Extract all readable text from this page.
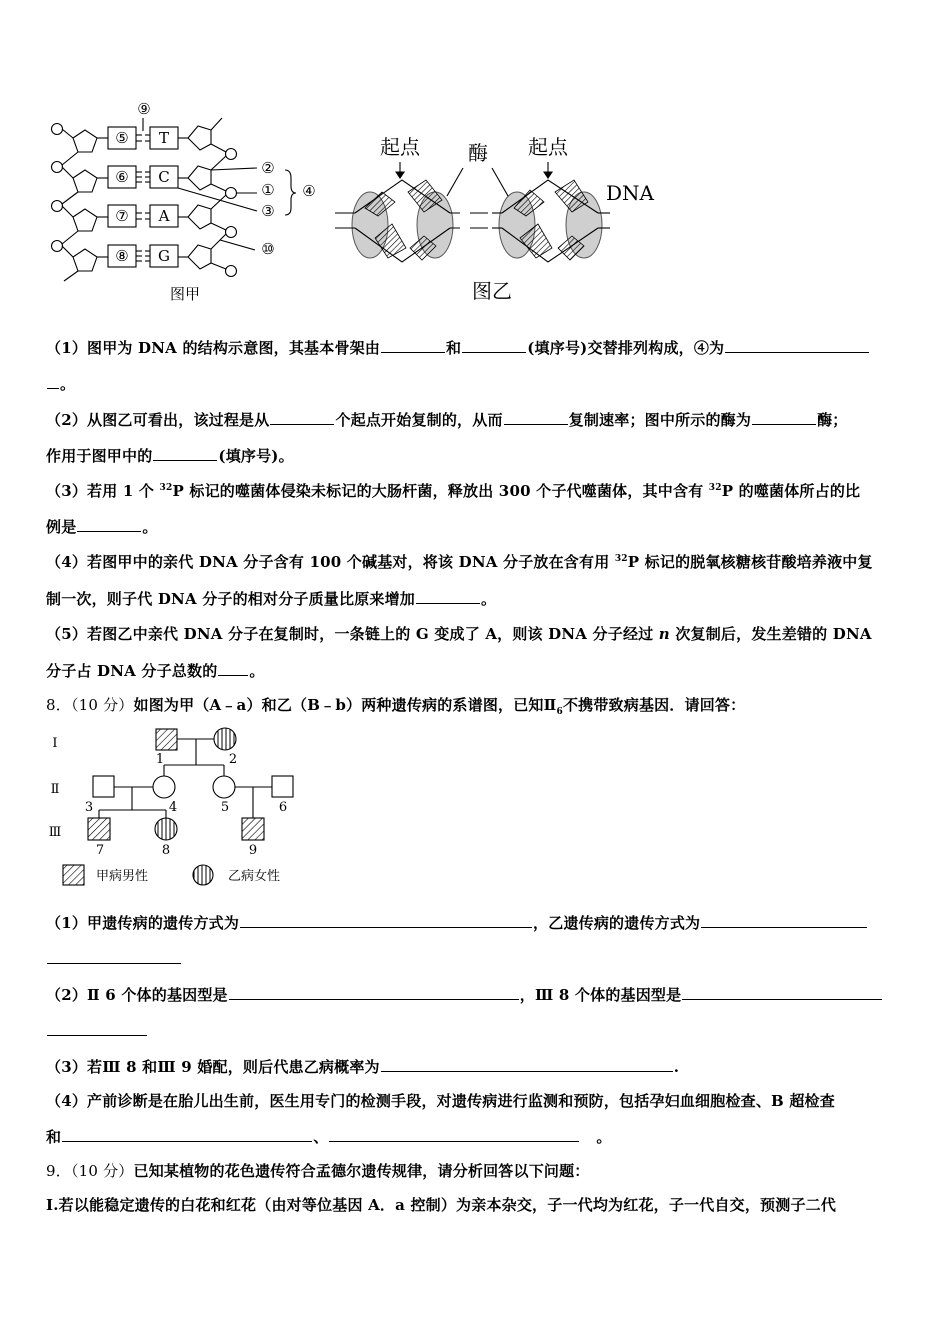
⑤ T
⑥ C
⑦ A
⑧ G
⑨
②
①
③
④
⑩
图甲
起点 酶 起点
DNA
图乙
（1）图甲为 DNA 的结构示意图，其基本骨架由	和	(填序号)交替排列构成，④为
。
（2）从图乙可看出，该过程是从	个起点开始复制的，从而	复制速率；图中所示的酶为	酶；
作用于图甲中的	(填序号)。
（3）若用 1 个 $^{32}$P 标记的噬菌体侵染未标记的大肠杆菌，释放出 300 个子代噬菌体，其中含有 $^{32}$P 的噬菌体所占的比
例是	。
（4）若图甲中的亲代 DNA 分子含有 100 个碱基对，将该 DNA 分子放在含有用 $^{32}$P 标记的脱氧核糖核苷酸培养液中复
制一次，则子代 DNA 分子的相对分子质量比原来增加	。
（5）若图乙中亲代 DNA 分子在复制时，一条链上的 G 变成了 A，则该 DNA 分子经过 n 次复制后，发生差错的 DNA
分子占 DNA 分子总数的 。
8．（10 分）如图为甲（A﹣a）和乙（B﹣b）两种遗传病的系谱图，已知$Ⅱ_6$不携带致病基因．请回答：
Ⅰ
Ⅱ
Ⅲ
1	2
3	4	5	6
7	8	9
甲病男性	乙病女性
（1）甲遗传病的遗传方式为	，乙遗传病的遗传方式为
（2）Ⅱ 6 个体的基因型是	，Ⅲ 8 个体的基因型是
（3）若Ⅲ 8 和Ⅲ 9 婚配，则后代患乙病概率为	.
（4）产前诊断是在胎儿出生前，医生用专门的检测手段，对遗传病进行监测和预防，包括孕妇血细胞检查、B 超检查
和	、	。
9．（10 分）已知某植物的花色遗传符合孟德尔遗传规律，请分析回答以下问题：
I.若以能稳定遗传的白花和红花（由对等位基因 A．a 控制）为亲本杂交，子一代均为红花，子一代自交，预测子二代
